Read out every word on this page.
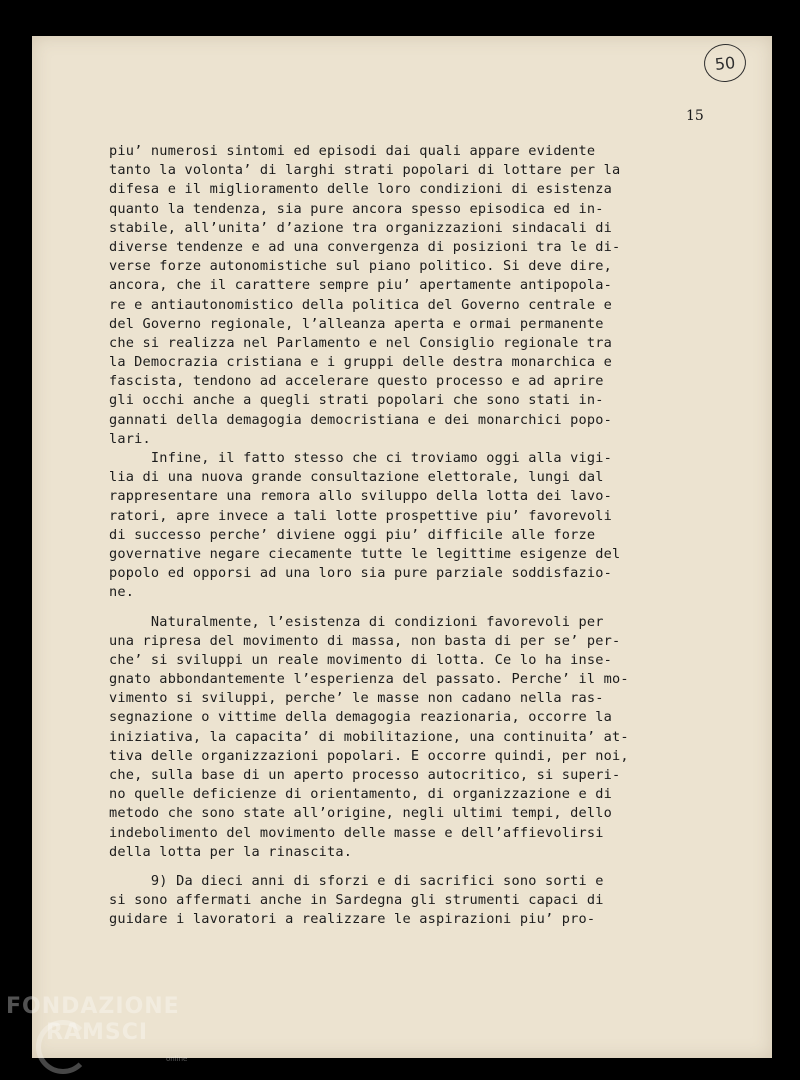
50
15
piu’ numerosi sintomi ed episodi dai quali appare evidente
tanto la volonta’ di larghi strati popolari di lottare per la
difesa e il miglioramento delle loro condizioni di esistenza
quanto la tendenza, sia pure ancora spesso episodica ed in-
stabile, all’unita’ d’azione tra organizzazioni sindacali di
diverse tendenze e ad una convergenza di posizioni tra le di-
verse forze autonomistiche sul piano politico. Si deve dire,
ancora, che il carattere sempre piu’ apertamente antipopola-
re e antiautonomistico della politica del Governo centrale e
del Governo regionale, l’alleanza aperta e ormai permanente
che si realizza nel Parlamento e nel Consiglio regionale tra
la Democrazia cristiana e i gruppi delle destra monarchica e
fascista, tendono ad accelerare questo processo e ad aprire
gli occhi anche a quegli strati popolari che sono stati in-
gannati della demagogia democristiana e dei monarchici popo-
lari.
Infine, il fatto stesso che ci troviamo oggi alla vigi-
lia di una nuova grande consultazione elettorale, lungi dal
rappresentare una remora allo sviluppo della lotta dei lavo-
ratori, apre invece a tali lotte prospettive piu’ favorevoli
di successo perche’ diviene oggi piu’ difficile alle forze
governative negare ciecamente tutte le legittime esigenze del
popolo ed opporsi ad una loro sia pure parziale soddisfazio-
ne.
Naturalmente, l’esistenza di condizioni favorevoli per
una ripresa del movimento di massa, non basta di per se’ per-
che’ si sviluppi un reale movimento di lotta. Ce lo ha inse-
gnato abbondantemente l’esperienza del passato. Perche’ il mo-
vimento si sviluppi, perche’ le masse non cadano nella ras-
segnazione o vittime della demagogia reazionaria, occorre la
iniziativa, la capacita’ di mobilitazione, una continuita’ at-
tiva delle organizzazioni popolari. E occorre quindi, per noi,
che, sulla base di un aperto processo autocritico, si superi-
no quelle deficienze di orientamento, di organizzazione e di
metodo che sono state all’origine, negli ultimi tempi, dello
indebolimento del movimento delle masse e dell’affievolirsi
della lotta per la rinascita.
9) Da dieci anni di sforzi e di sacrifici sono sorti e
si sono affermati anche in Sardegna gli strumenti capaci di
guidare i lavoratori a realizzare le aspirazioni piu’ pro-
FONDAZIONE
RAMSCI
online
